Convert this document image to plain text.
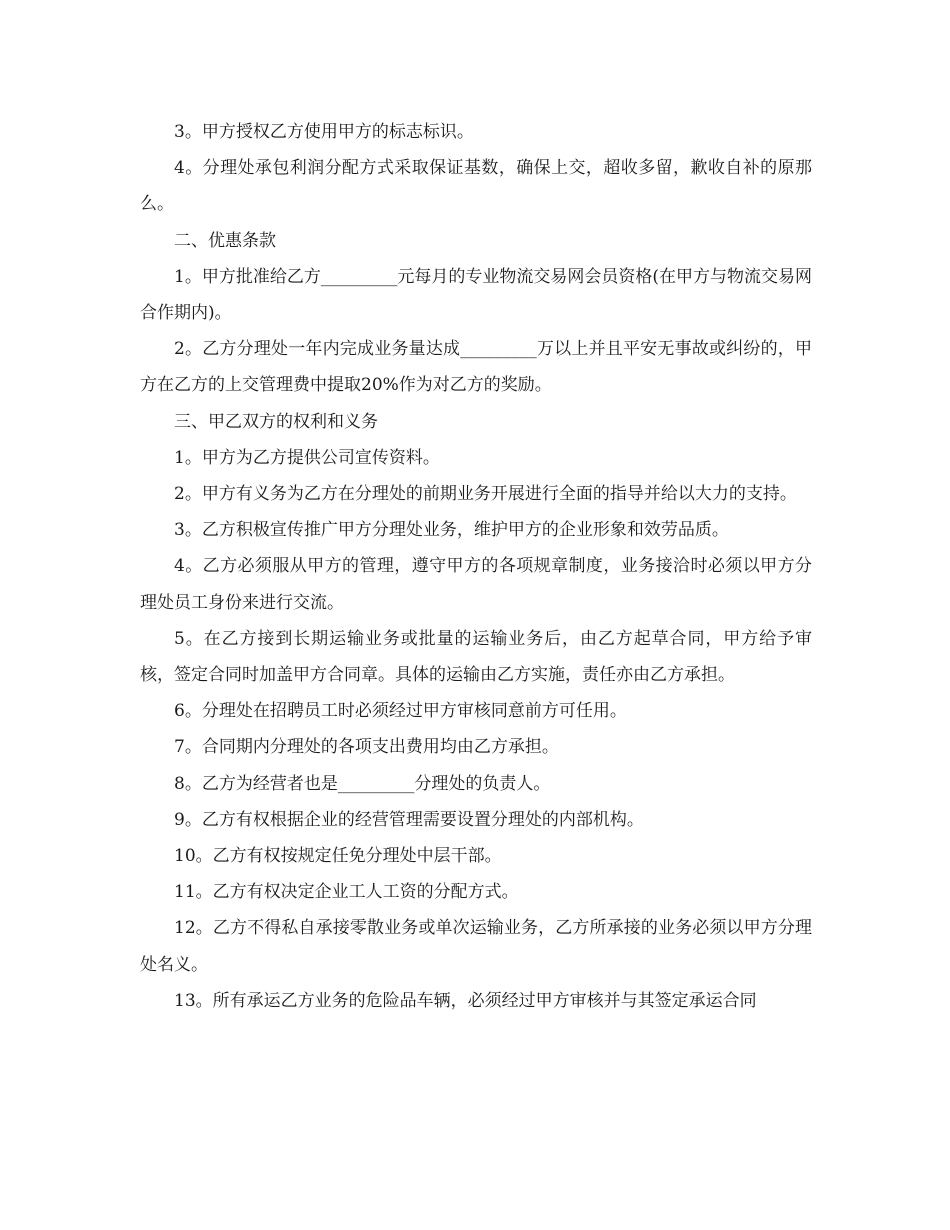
3。甲方授权乙方使用甲方的标志标识。

4。分理处承包利润分配方式采取保证基数，确保上交，超收多留，歉收自补的原那么。

二、优惠条款

1。甲方批准给乙方_________元每月的专业物流交易网会员资格(在甲方与物流交易网合作期内)。

2。乙方分理处一年内完成业务量达成_________万以上并且平安无事故或纠纷的，甲方在乙方的上交管理费中提取20%作为对乙方的奖励。

三、甲乙双方的权利和义务

1。甲方为乙方提供公司宣传资料。

2。甲方有义务为乙方在分理处的前期业务开展进行全面的指导并给以大力的支持。

3。乙方积极宣传推广甲方分理处业务，维护甲方的企业形象和效劳品质。

4。乙方必须服从甲方的管理，遵守甲方的各项规章制度，业务接洽时必须以甲方分理处员工身份来进行交流。

5。在乙方接到长期运输业务或批量的运输业务后，由乙方起草合同，甲方给予审核，签定合同时加盖甲方合同章。具体的运输由乙方实施，责任亦由乙方承担。

6。分理处在招聘员工时必须经过甲方审核同意前方可任用。

7。合同期内分理处的各项支出费用均由乙方承担。

8。乙方为经营者也是_________分理处的负责人。

9。乙方有权根据企业的经营管理需要设置分理处的内部机构。

10。乙方有权按规定任免分理处中层干部。

11。乙方有权决定企业工人工资的分配方式。

12。乙方不得私自承接零散业务或单次运输业务，乙方所承接的业务必须以甲方分理处名义。

13。所有承运乙方业务的危险品车辆，必须经过甲方审核并与其签定承运合同
